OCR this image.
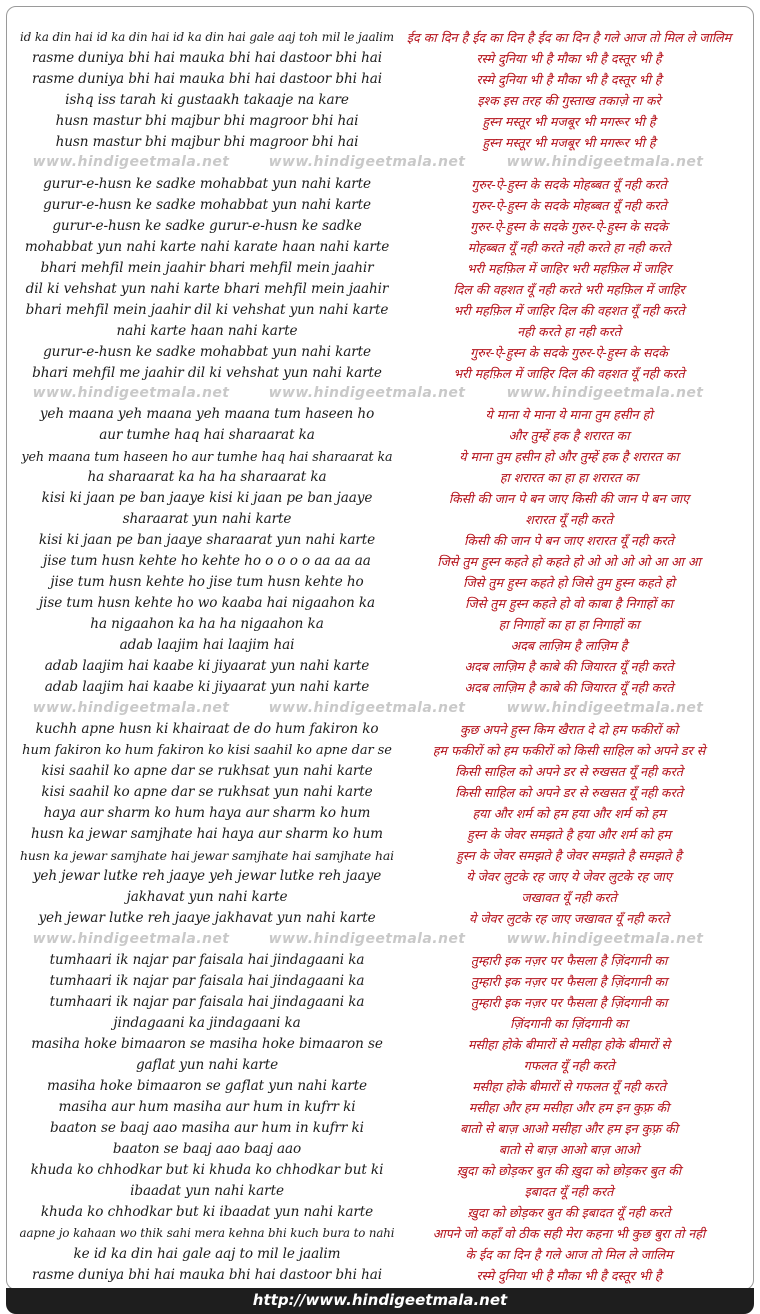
id ka din hai id ka din hai id ka din hai gale aaj toh mil le jaalim	ईद का दिन है ईद का दिन है ईद का दिन है गले आज तो मिल ले जालिम
rasme duniya bhi hai mauka bhi hai dastoor bhi hai	रस्मे दुनिया भी है मौका भी है दस्तूर भी है
rasme duniya bhi hai mauka bhi hai dastoor bhi hai	रस्मे दुनिया भी है मौका भी है दस्तूर भी है
ishq iss tarah ki gustaakh takaaje na kare	इश्क इस तरह की गुस्ताख तकाज़े ना करे
husn mastur bhi majbur bhi magroor bhi hai	हुस्न मस्तूर भी मजबूर भी मगरूर भी है
husn mastur bhi majbur bhi magroor bhi hai	हुस्न मस्तूर भी मजबूर भी मगरूर भी है
www.hindigeetmala.net	www.hindigeetmala.net	www.hindigeetmala.net
gurur-e-husn ke sadke mohabbat yun nahi karte	गुरुर-ऐ-हुस्न के सदके मोहब्बत यूँ नही करते
gurur-e-husn ke sadke mohabbat yun nahi karte	गुरुर-ऐ-हुस्न के सदके मोहब्बत यूँ नही करते
gurur-e-husn ke sadke gurur-e-husn ke sadke	गुरुर-ऐ-हुस्न के सदके गुरुर-ऐ-हुस्न के सदके
mohabbat yun nahi karte nahi karate haan nahi karte	मोहब्बत यूँ नही करते नही करते हा नही करते
bhari mehfil mein jaahir bhari mehfil mein jaahir	भरी महफ़िल में जाहिर भरी महफ़िल में जाहिर
dil ki vehshat yun nahi karte bhari mehfil mein jaahir	दिल की वहशत यूँ नही करते भरी महफ़िल में जाहिर
bhari mehfil mein jaahir dil ki vehshat yun nahi karte	भरी महफ़िल में जाहिर दिल की वहशत यूँ नही करते
nahi karte haan nahi karte	नही करते हा नही करते
gurur-e-husn ke sadke mohabbat yun nahi karte	गुरुर-ऐ-हुस्न के सदके गुरुर-ऐ-हुस्न के सदके
bhari mehfil me jaahir dil ki vehshat yun nahi karte	भरी महफ़िल में जाहिर दिल की वहशत यूँ नही करते
www.hindigeetmala.net	www.hindigeetmala.net	www.hindigeetmala.net
yeh maana yeh maana yeh maana tum haseen ho	ये माना ये माना ये माना तुम हसीन हो
aur tumhe haq hai sharaarat ka	और तुम्हें हक है शरारत का
yeh maana tum haseen ho aur tumhe haq hai sharaarat ka	ये माना तुम हसीन हो और तुम्हें हक है शरारत का
ha sharaarat ka ha ha sharaarat ka	हा शरारत का हा हा शरारत का
kisi ki jaan pe ban jaaye kisi ki jaan pe ban jaaye	किसी की जान पे बन जाए किसी की जान पे बन जाए
sharaarat yun nahi karte	शरारत यूँ नही करते
kisi ki jaan pe ban jaaye sharaarat yun nahi karte	किसी की जान पे बन जाए शरारत यूँ नही करते
jise tum husn kehte ho kehte ho o o o o aa aa aa	जिसे तुम हुस्न कहते हो कहते हो ओ ओ ओ ओ आ आ आ
jise tum husn kehte ho jise tum husn kehte ho	जिसे तुम हुस्न कहते हो जिसे तुम हुस्न कहते हो
jise tum husn kehte ho wo kaaba hai nigaahon ka	जिसे तुम हुस्न कहते हो वो काबा है निगाहों का
ha nigaahon ka ha ha nigaahon ka	हा निगाहों का हा हा निगाहों का
adab laajim hai laajim hai	अदब लाज़िम है लाज़िम है
adab laajim hai kaabe ki jiyaarat yun nahi karte	अदब लाज़िम है काबे की जियारत यूँ नही करते
adab laajim hai kaabe ki jiyaarat yun nahi karte	अदब लाज़िम है काबे की जियारत यूँ नही करते
www.hindigeetmala.net	www.hindigeetmala.net	www.hindigeetmala.net
kuchh apne husn ki khairaat de do hum fakiron ko	कुछ अपने हुस्न किम खैरात दे दो हम फकीरों को
hum fakiron ko hum fakiron ko kisi saahil ko apne dar se	हम फकीरों को हम फकीरों को किसी साहिल को अपने डर से
kisi saahil ko apne dar se rukhsat yun nahi karte	किसी साहिल को अपने डर से रुखसत यूँ नही करते
kisi saahil ko apne dar se rukhsat yun nahi karte	किसी साहिल को अपने डर से रुखसत यूँ नही करते
haya aur sharm ko hum haya aur sharm ko hum	हया और शर्म को हम हया और शर्म को हम
husn ka jewar samjhate hai haya aur sharm ko hum	हुस्न के जेवर समझते है हया और शर्म को हम
husn ka jewar samjhate hai jewar samjhate hai samjhate hai	हुस्न के जेवर समझते है जेवर समझते है समझते है
yeh jewar lutke reh jaaye yeh jewar lutke reh jaaye	ये जेवर लुटके रह जाए ये जेवर लुटके रह जाए
jakhavat yun nahi karte	जखावत यूँ नही करते
yeh jewar lutke reh jaaye jakhavat yun nahi karte	ये जेवर लुटके रह जाए जखावत यूँ नही करते
www.hindigeetmala.net	www.hindigeetmala.net	www.hindigeetmala.net
tumhaari ik najar par faisala hai jindagaani ka	तुम्हारी इक नज़र पर फैसला है ज़िंदगानी का
tumhaari ik najar par faisala hai jindagaani ka	तुम्हारी इक नज़र पर फैसला है ज़िंदगानी का
tumhaari ik najar par faisala hai jindagaani ka	तुम्हारी इक नज़र पर फैसला है ज़िंदगानी का
jindagaani ka jindagaani ka	ज़िंदगानी का ज़िंदगानी का
masiha hoke bimaaron se masiha hoke bimaaron se	मसीहा होके बीमारों से मसीहा होके बीमारों से
gaflat yun nahi karte	गफलत यूँ नही करते
masiha hoke bimaaron se gaflat yun nahi karte	मसीहा होके बीमारों से गफलत यूँ नही करते
masiha aur hum masiha aur hum in kufrr ki	मसीहा और हम मसीहा और हम इन कुफ़्र की
baaton se baaj aao masiha aur hum in kufrr ki	बातो से बाज़ आओ मसीहा और हम इन कुफ़्र की
baaton se baaj aao baaj aao	बातो से बाज़ आओ बाज़ आओ
khuda ko chhodkar but ki khuda ko chhodkar but ki	ख़ुदा को छोड़कर बुत की ख़ुदा को छोड़कर बुत की
ibaadat yun nahi karte	इबादत यूँ नही करते
khuda ko chhodkar but ki ibaadat yun nahi karte	ख़ुदा को छोड़कर बुत की इबादत यूँ नही करते
aapne jo kahaan wo thik sahi mera kehna bhi kuch bura to nahi	आपने जो कहाँ वो ठीक सही मेरा कहना भी कुछ बुरा तो नही
ke id ka din hai gale aaj to mil le jaalim	के ईद का दिन है गले आज तो मिल ले जालिम
rasme duniya bhi hai mauka bhi hai dastoor bhi hai	रस्मे दुनिया भी है मौका भी है दस्तूर भी है
http://www.hindigeetmala.net
